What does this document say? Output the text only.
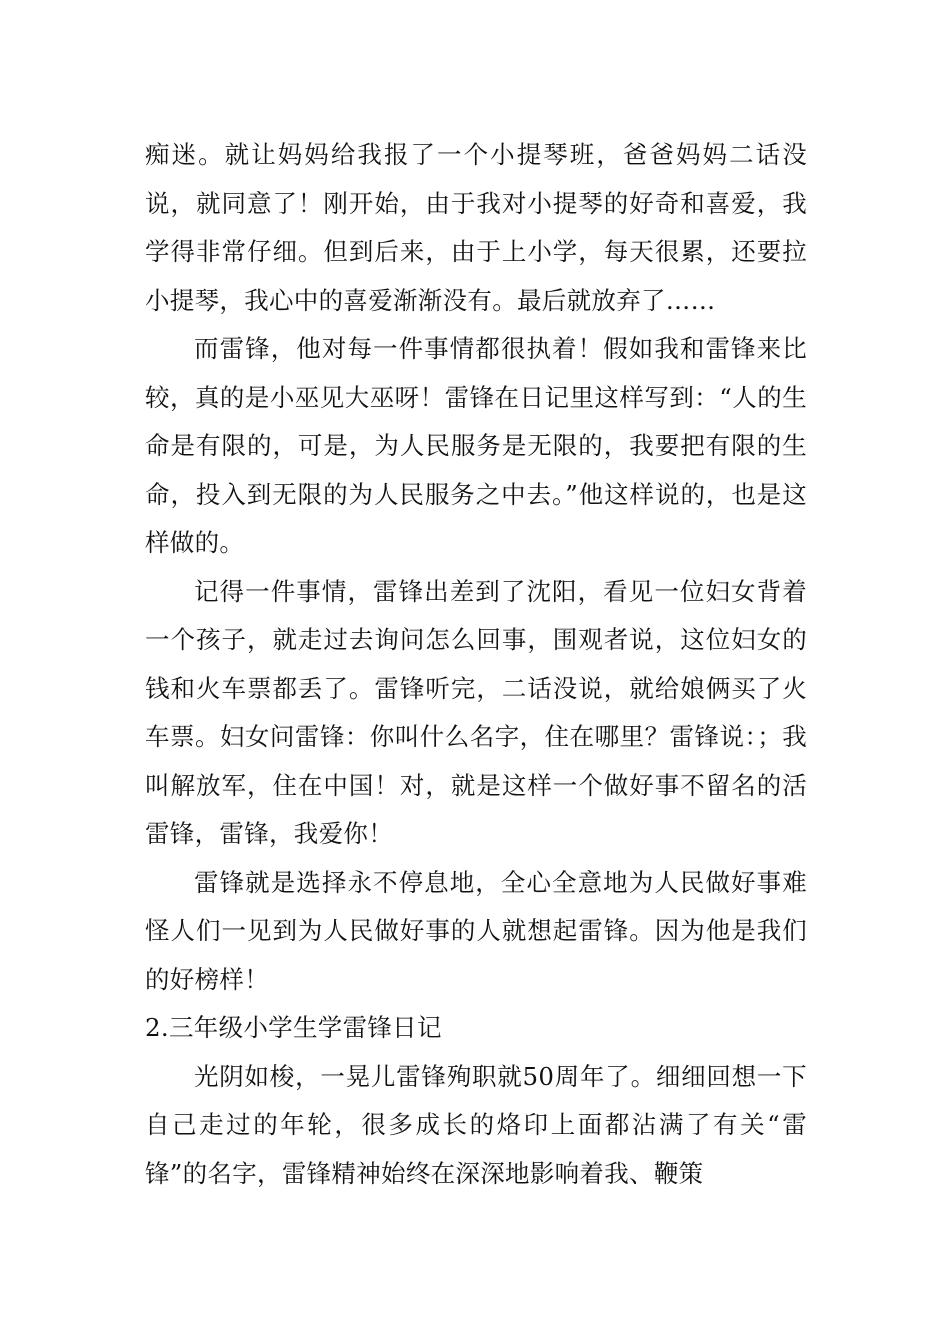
痴迷。就让妈妈给我报了一个小提琴班，爸爸妈妈二话没说，就同意了！刚开始，由于我对小提琴的好奇和喜爱，我学得非常仔细。但到后来，由于上小学，每天很累，还要拉小提琴，我心中的喜爱渐渐没有。最后就放弃了……

而雷锋，他对每一件事情都很执着！假如我和雷锋来比较，真的是小巫见大巫呀！雷锋在日记里这样写到：“人的生命是有限的，可是，为人民服务是无限的，我要把有限的生命，投入到无限的为人民服务之中去。”他这样说的，也是这样做的。

记得一件事情，雷锋出差到了沈阳，看见一位妇女背着一个孩子，就走过去询问怎么回事，围观者说，这位妇女的钱和火车票都丢了。雷锋听完，二话没说，就给娘俩买了火车票。妇女问雷锋：你叫什么名字，住在哪里？雷锋说：；我叫解放军，住在中国！对，就是这样一个做好事不留名的活雷锋，雷锋，我爱你！

雷锋就是选择永不停息地，全心全意地为人民做好事难怪人们一见到为人民做好事的人就想起雷锋。因为他是我们的好榜样！

2.三年级小学生学雷锋日记

光阴如梭，一晃儿雷锋殉职就50周年了。细细回想一下自己走过的年轮，很多成长的烙印上面都沾满了有关“雷锋”的名字，雷锋精神始终在深深地影响着我、鞭策
